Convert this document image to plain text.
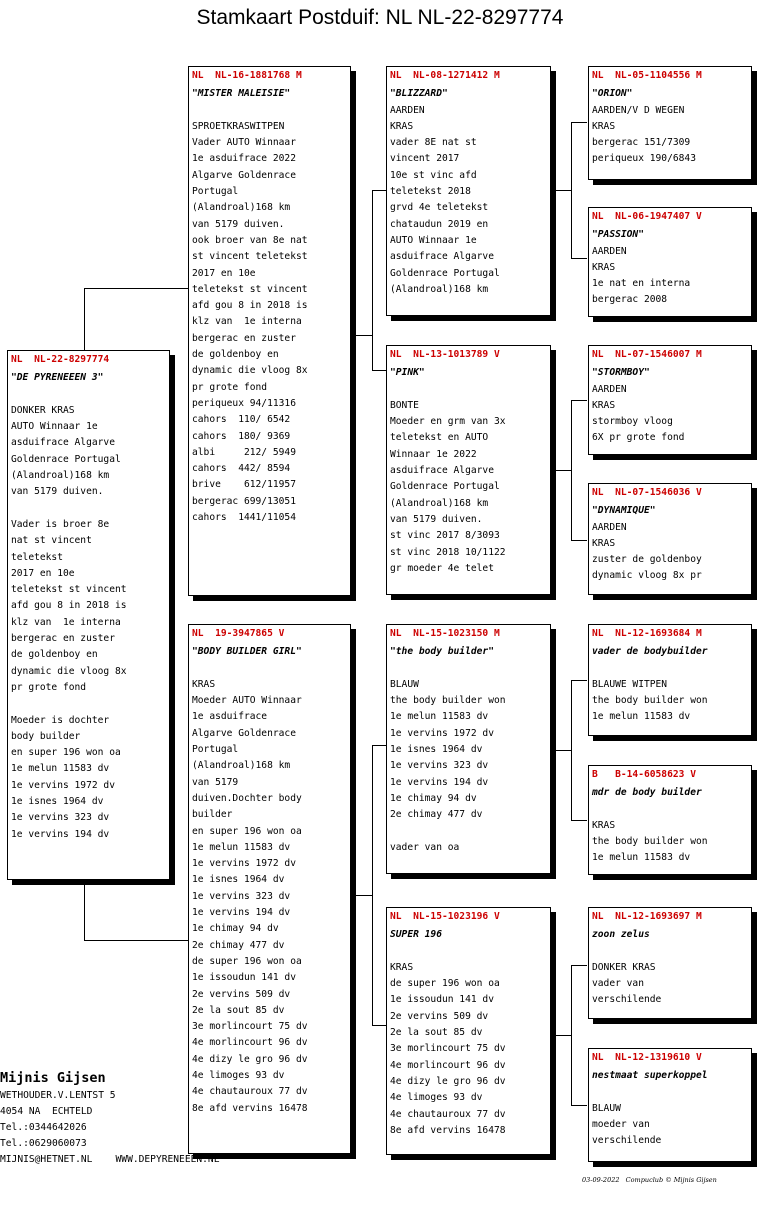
Stamkaart Postduif: NL NL-22-8297774
NL  NL-22-8297774
"DE PYRENEEEN 3"

DONKER KRAS
AUTO Winnaar 1e
asduifrace Algarve
Goldenrace Portugal
(Alandroal)168 km
van 5179 duiven.

Vader is broer 8e
nat st vincent
teletekst
2017 en 10e
teletekst st vincent
afd gou 8 in 2018 is
klz van  1e interna
bergerac en zuster
de goldenboy en
dynamic die vloog 8x
pr grote fond

Moeder is dochter
body builder
en super 196 won oa
1e melun 11583 dv
1e vervins 1972 dv
1e isnes 1964 dv
1e vervins 323 dv
1e vervins 194 dv
NL  NL-16-1881768 M
"MISTER MALEISIE"

SPROETKRASWITPEN
Vader AUTO Winnaar
1e asduifrace 2022
Algarve Goldenrace
Portugal
(Alandroal)168 km
van 5179 duiven.
ook broer van 8e nat
st vincent teletekst
2017 en 10e
teletekst st vincent
afd gou 8 in 2018 is
klz van  1e interna
bergerac en zuster
de goldenboy en
dynamic die vloog 8x
pr grote fond
periqueux 94/11316
cahors  110/ 6542
cahors  180/ 9369
albi     212/ 5949
cahors  442/ 8594
brive    612/11957
bergerac 699/13051
cahors  1441/11054
NL  19-3947865 V
"BODY BUILDER GIRL"

KRAS
Moeder AUTO Winnaar
1e asduifrace
Algarve Goldenrace
Portugal
(Alandroal)168 km
van 5179
duiven.Dochter body
builder
en super 196 won oa
1e melun 11583 dv
1e vervins 1972 dv
1e isnes 1964 dv
1e vervins 323 dv
1e vervins 194 dv
1e chimay 94 dv
2e chimay 477 dv
de super 196 won oa
1e issoudun 141 dv
2e vervins 509 dv
2e la sout 85 dv
3e morlincourt 75 dv
4e morlincourt 96 dv
4e dizy le gro 96 dv
4e limoges 93 dv
4e chautauroux 77 dv
8e afd vervins 16478
NL  NL-08-1271412 M
"BLIZZARD"
AARDEN
KRAS
vader 8E nat st
vincent 2017
10e st vinc afd
teletekst 2018
grvd 4e teletekst
chataudun 2019 en
AUTO Winnaar 1e
asduifrace Algarve
Goldenrace Portugal
(Alandroal)168 km
NL  NL-13-1013789 V
"PINK"

BONTE
Moeder en grm van 3x
teletekst en AUTO
Winnaar 1e 2022
asduifrace Algarve
Goldenrace Portugal
(Alandroal)168 km
van 5179 duiven.
st vinc 2017 8/3093
st vinc 2018 10/1122
gr moeder 4e telet
NL  NL-15-1023150 M
"the body builder"

BLAUW
the body builder won
1e melun 11583 dv
1e vervins 1972 dv
1e isnes 1964 dv
1e vervins 323 dv
1e vervins 194 dv
1e chimay 94 dv
2e chimay 477 dv

vader van oa
NL  NL-15-1023196 V
SUPER 196

KRAS
de super 196 won oa
1e issoudun 141 dv
2e vervins 509 dv
2e la sout 85 dv
3e morlincourt 75 dv
4e morlincourt 96 dv
4e dizy le gro 96 dv
4e limoges 93 dv
4e chautauroux 77 dv
8e afd vervins 16478
NL  NL-05-1104556 M
"ORION"
AARDEN/V D WEGEN
KRAS
bergerac 151/7309
periqueux 190/6843
NL  NL-06-1947407 V
"PASSION"
AARDEN
KRAS
1e nat en interna
bergerac 2008
NL  NL-07-1546007 M
"STORMBOY"
AARDEN
KRAS
stormboy vloog
6X pr grote fond
NL  NL-07-1546036 V
"DYNAMIQUE"
AARDEN
KRAS
zuster de goldenboy
dynamic vloog 8x pr
NL  NL-12-1693684 M
vader de bodybuilder

BLAUWE WITPEN
the body builder won
1e melun 11583 dv
B   B-14-6058623 V
mdr de body builder

KRAS
the body builder won
1e melun 11583 dv
NL  NL-12-1693697 M
zoon zelus

DONKER KRAS
vader van
verschilende
NL  NL-12-1319610 V
nestmaat superkoppel

BLAUW
moeder van
verschilende
Mijnis Gijsen
WETHOUDER.V.LENTST 5
4054 NA  ECHTELD
Tel.:0344642026
Tel.:0629060073
MIJNIS@HETNET.NL    WWW.DEPYRENEEEN.NL
03-09-2022   Compuclub © Mijnis Gijsen
